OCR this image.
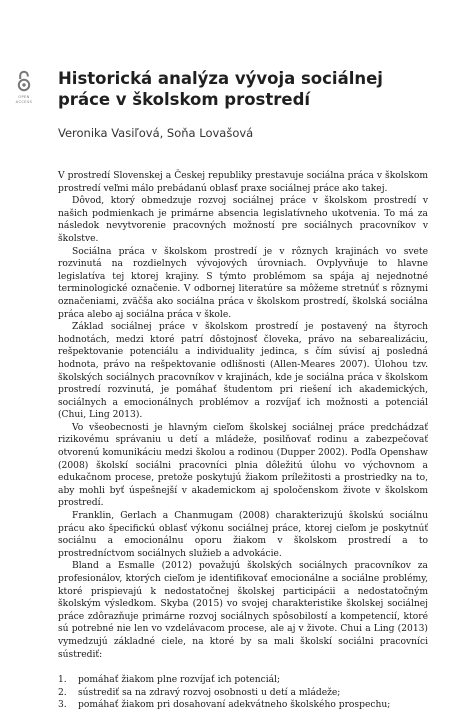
OPEN
ACCESS
Historická analýza vývoja sociálnej práce v školskom prostredí
Veronika Vasiľová, Soňa Lovašová

V prostredí Slovenskej a Českej republiky prestavuje sociálna práca v školskom prostredí veľmi málo prebádanú oblasť praxe sociálnej práce ako takej.

Dôvod, ktorý obmedzuje rozvoj sociálnej práce v školskom prostredí v našich podmienkach je primárne absencia legislatívneho ukotvenia. To má za následok nevytvorenie pracovných možností pre sociálnych pracovníkov v školstve.

Sociálna práca v školskom prostredí je v rôznych krajinách vo svete rozvinutá na rozdielnych vývojových úrovniach. Ovplyvňuje to hlavne legislatíva tej ktorej krajiny. S týmto problémom sa spája aj nejednotné terminologické označenie. V odbornej literatúre sa môžeme stretnúť s rôznymi označeniami, zväčša ako sociálna práca v školskom prostredí, školská sociálna práca alebo aj sociálna práca v škole.

Základ sociálnej práce v školskom prostredí je postavený na štyroch hodnotách, medzi ktoré patrí dôstojnosť človeka, právo na sebarealizáciu, rešpektovanie potenciálu a individuality jedinca, s čím súvisí aj posledná hodnota, právo na rešpektovanie odlišnosti (Allen-Meares 2007). Úlohou tzv. školských sociálnych pracovníkov v krajinách, kde je sociálna práca v školskom prostredí rozvinutá, je pomáhať študentom pri riešení ich akademických, sociálnych a emocionálnych problémov a rozvíjať ich možnosti a potenciál (Chui, Ling 2013).

Vo všeobecnosti je hlavným cieľom školskej sociálnej práce predchádzať rizikovému správaniu u detí a mládeže, posilňovať rodinu a zabezpečovať otvorenú komunikáciu medzi školou a rodinou (Dupper 2002). Podľa Openshaw (2008) školskí sociálni pracovníci plnia dôležitú úlohu vo výchovnom a edukačnom procese, pretože poskytujú žiakom príležitosti a prostriedky na to, aby mohli byť úspešnejší v akademickom aj spoločenskom živote v školskom prostredí.

Franklin, Gerlach a Chanmugam (2008) charakterizujú školskú sociálnu prácu ako špecifickú oblasť výkonu sociálnej práce, ktorej cieľom je poskytnúť sociálnu a emocionálnu oporu žiakom v školskom prostredí a to prostredníctvom sociálnych služieb a advokácie.

Bland a Esmalle (2012) považujú školských sociálnych pracovníkov za profesionálov, ktorých cieľom je identifikovať emocionálne a sociálne problémy, ktoré prispievajú k nedostatočnej školskej participácii a nedostatočným školským výsledkom. Skyba (2015) vo svojej charakteristike školskej sociálnej práce zdôrazňuje primárne rozvoj sociálnych spôsobilostí a kompetencií, ktoré sú potrebné nie len vo vzdelávacom procese, ale aj v živote. Chui a Ling (2013) vymedzujú základné ciele, na ktoré by sa mali školskí sociálni pracovníci sústrediť:

1. pomáhať žiakom plne rozvíjať ich potenciál;
2. sústrediť sa na zdravý rozvoj osobnosti u detí a mládeže;
3. pomáhať žiakom pri dosahovaní adekvátneho školského prospechu;
